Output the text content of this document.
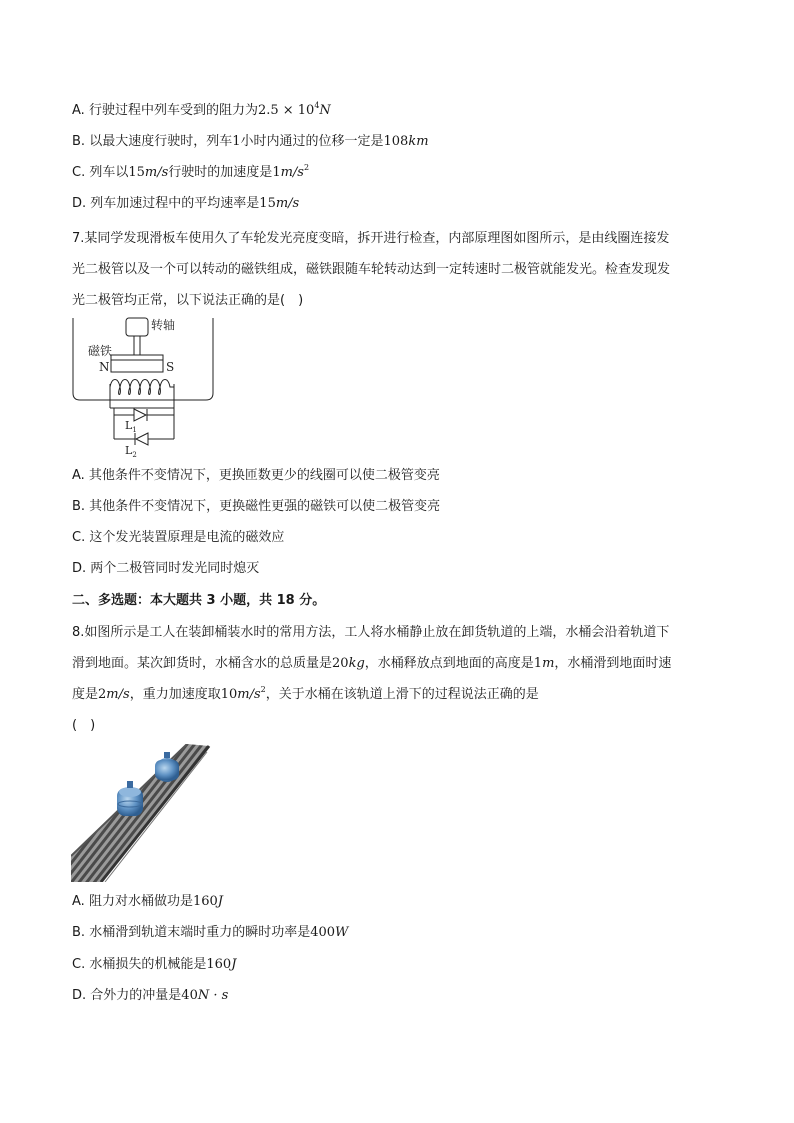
A. 行驶过程中列车受到的阻力为$2.5 \times 10^4N$
B. 以最大速度行驶时，列车1小时内通过的位移一定是108km
C. 列车以15m/s行驶时的加速度是$1m/s^2$
D. 列车加速过程中的平均速率是15m/s
7.某同学发现滑板车使用久了车轮发光亮度变暗，拆开进行检查，内部原理图如图所示，是由线圈连接发
光二极管以及一个可以转动的磁铁组成，磁铁跟随车轮转动达到一定转速时二极管就能发光。检查发现发
光二极管均正常，以下说法正确的是(　)
转轴
磁铁
N	S
$L_1$
$L_2$
A. 其他条件不变情况下，更换匝数更少的线圈可以使二极管变亮
B. 其他条件不变情况下，更换磁性更强的磁铁可以使二极管变亮
C. 这个发光装置原理是电流的磁效应
D. 两个二极管同时发光同时熄灭
二、多选题：本大题共 3 小题，共 18 分。
8.如图所示是工人在装卸桶装水时的常用方法，工人将水桶静止放在卸货轨道的上端，水桶会沿着轨道下
滑到地面。某次卸货时，水桶含水的总质量是20kg，水桶释放点到地面的高度是1m，水桶滑到地面时速
度是2m/s，重力加速度取$10m/s^2$，关于水桶在该轨道上滑下的过程说法正确的是
(　)
A. 阻力对水桶做功是160J
B. 水桶滑到轨道末端时重力的瞬时功率是400W
C. 水桶损失的机械能是160J
D. 合外力的冲量是40N · s
